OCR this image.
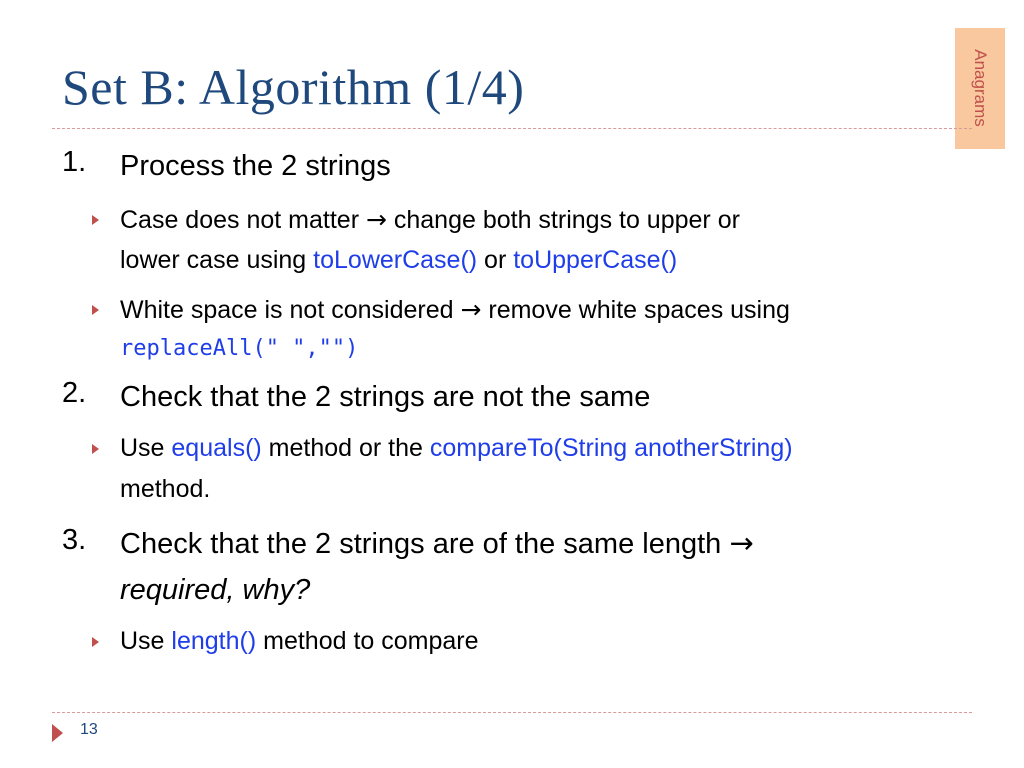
Set B: Algorithm (1/4)	Anagrams
1. Process the 2 strings
Case does not matter → change both strings to upper or
lower case using toLowerCase() or toUpperCase()
White space is not considered → remove white spaces using
replaceAll(" ","")
2. Check that the 2 strings are not the same
Use equals() method or the compareTo(String anotherString)
method.
3. Check that the 2 strings are of the same length →
required, why?
Use length() method to compare
13
